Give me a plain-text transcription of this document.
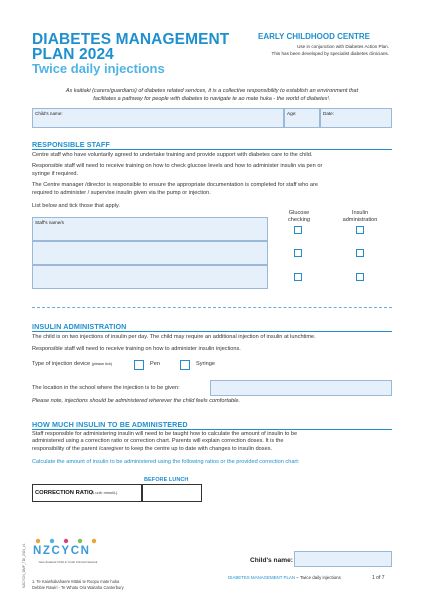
DIABETES MANAGEMENT
PLAN 2024
Twice daily injections
EARLY CHILDHOOD CENTRE
Use in conjunction with Diabetes Action Plan.
This has been developed by specialist diabetes clinicians.
As kaitiaki (carers/guardians) of diabetes related services, it is a collective responsibility to establish an environment that
facilitates a pathway for people with diabetes to navigate te ao mate huka - the world of diabetes¹.
Child's name:	Age:	Date:
RESPONSIBLE STAFF
Centre staff who have voluntarily agreed to undertake training and provide support with diabetes care to the child.
Responsible staff will need to receive training on how to check glucose levels and how to administer insulin via pen or
syringe if required.
The Centre manager /director is responsible to ensure the appropriate documentation is completed for staff who are
required to administer / supervise insulin given via the pump or injection.
List below and tick those that apply.
Glucose
checking
Insulin
administration
Staff's name/s
INSULIN ADMINISTRATION
The child is on two injections of insulin per day. The child may require an additional injection of insulin at lunchtime.
Responsible staff will need to receive training on how to administer insulin injections.
Type of injection device (please tick)	Pen	Syringe
The location in the school where the injection is to be given:
Please note, injections should be administered wherever the child feels comfortable.
HOW MUCH INSULIN TO BE ADMINISTERED
Staff responsible for administering insulin will need to be taught how to calculate the amount of insulin to be
administered using a correction ratio or correction chart. Parents will explain correction doses. It is the
responsibility of the parent /caregiver to keep the centre up to date with changes to insulin doses.
Calculate the amount of insulin to be administered using the following ratios or the provided correction chart:
BEFORE LUNCH
CORRECTION RATIO
(1 unit: mmol/L)
NZCYCN_DMP_TDI_2024_v1 NZCYCN
New Zealand Child & Youth Clinical Network	Child's name:
1. Te Kaiwhakahaere Mātai te Roopu mate huka
Debbie Rawiri - Te Whatu Ora Waitaha Canterbury
DIABETES MANAGEMENT PLAN – Twice daily injections	1 of 7
